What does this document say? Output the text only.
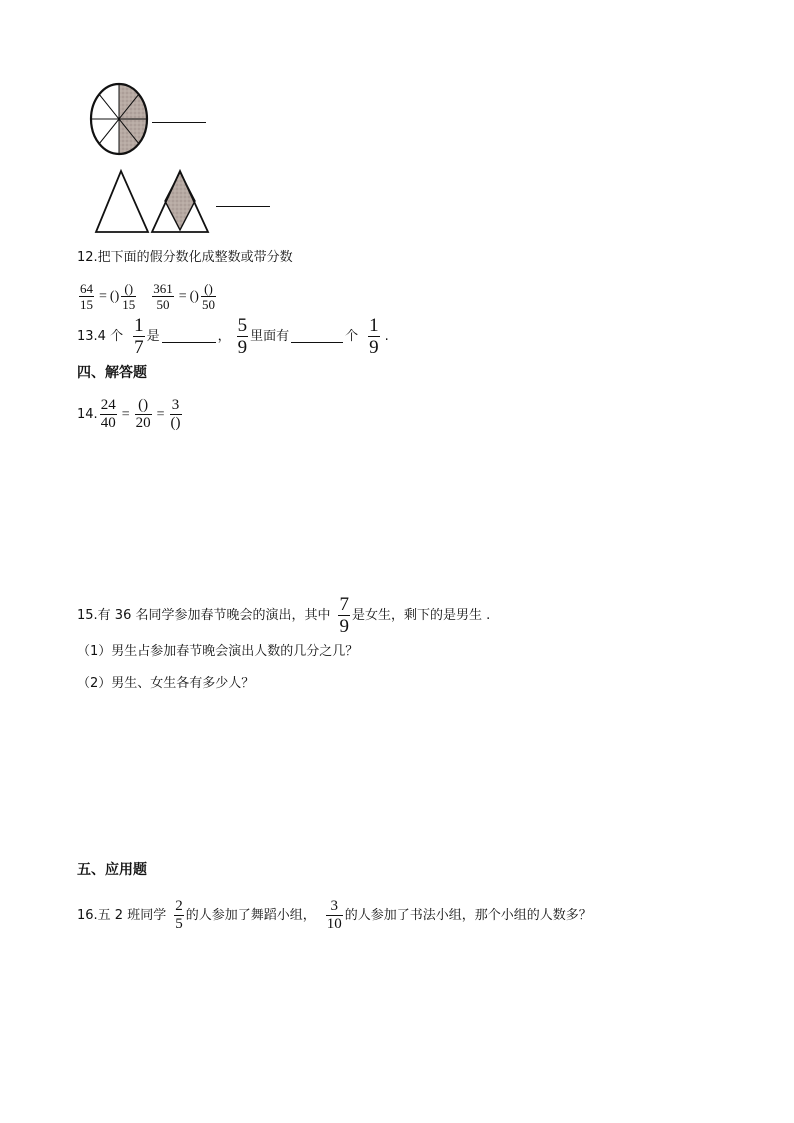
12.把下面的假分数化成整数或带分数
$\frac{64}{15}$ = () $\frac{()}{15} \frac{361}{50}$ = () $\frac{()}{50}$
13.4 个 $\frac{1}{7}$ 是	， $\frac{5}{9}$ 里面有	个 $\frac{1}{9}$ .
四、解答题
14. $\frac{24}{40} = \frac{()}{20} = \frac{3}{()}$
15.有 36 名同学参加春节晚会的演出，其中 $\frac{7}{9}$ 是女生，剩下的是男生 .
（1）男生占参加春节晚会演出人数的几分之几？
（2）男生、女生各有多少人？
五、应用题
16.五 2 班同学 $\frac{2}{5}$ 的人参加了舞蹈小组， $\frac{3}{10}$ 的人参加了书法小组，那个小组的人数多？
